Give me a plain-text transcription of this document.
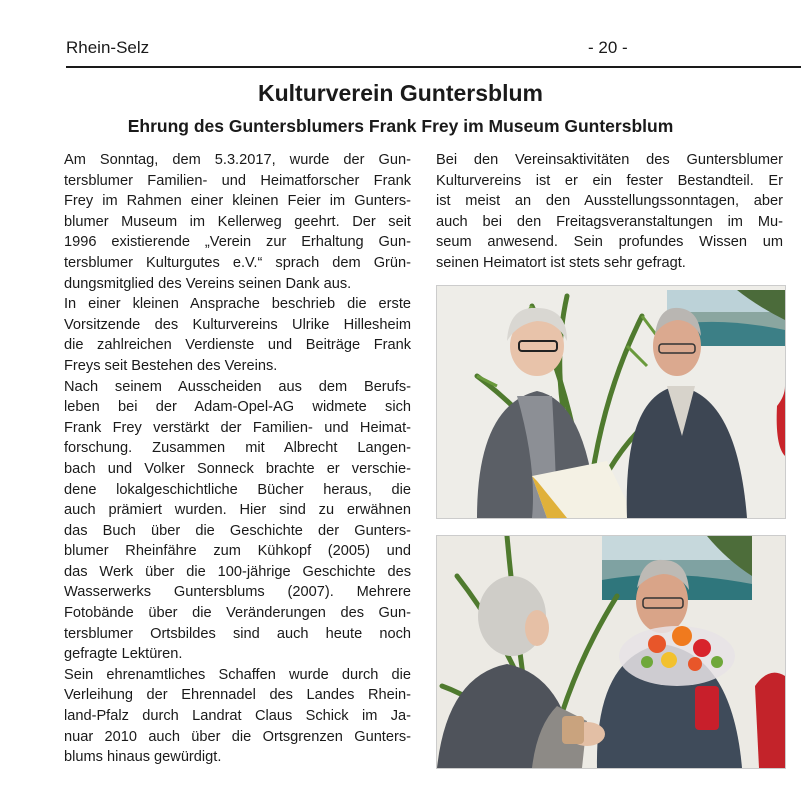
Rhein-Selz	- 20 -
Kulturverein Guntersblum
Ehrung des Guntersblumers Frank Frey im Museum Guntersblum
Am Sonntag, dem 5.3.2017, wurde der Gun-
tersblumer Familien- und Heimatforscher Frank
Frey im Rahmen einer kleinen Feier im Gunters-
blumer Museum im Kellerweg geehrt. Der seit
1996 existierende „Verein zur Erhaltung Gun-
tersblumer Kulturgutes e.V.“ sprach dem Grün-
dungsmitglied des Vereins seinen Dank aus.
In einer kleinen Ansprache beschrieb die erste
Vorsitzende des Kulturvereins Ulrike Hillesheim
die zahlreichen Verdienste und Beiträge Frank
Freys seit Bestehen des Vereins.
Nach seinem Ausscheiden aus dem Berufs-
leben bei der Adam-Opel-AG widmete sich
Frank Frey verstärkt der Familien- und Heimat-
forschung. Zusammen mit Albrecht Langen-
bach und Volker Sonneck brachte er verschie-
dene lokalgeschichtliche Bücher heraus, die
auch prämiert wurden. Hier sind zu erwähnen
das Buch über die Geschichte der Gunters-
blumer Rheinfähre zum Kühkopf (2005) und
das Werk über die 100-jährige Geschichte des
Wasserwerks Guntersblums (2007). Mehrere
Fotobände über die Veränderungen des Gun-
tersblumer Ortsbildes sind auch heute noch
gefragte Lektüren.
Sein ehrenamtliches Schaffen wurde durch die
Verleihung der Ehrennadel des Landes Rhein-
land-Pfalz durch Landrat Claus Schick im Ja-
nuar 2010 auch über die Ortsgrenzen Gunters-
blums hinaus gewürdigt.
Bei den Vereinsaktivitäten des Guntersblumer
Kulturvereins ist er ein fester Bestandteil. Er
ist meist an den Ausstellungssonntagen, aber
auch bei den Freitagsveranstaltungen im Mu-
seum anwesend. Sein profundes Wissen um
seinen Heimatort ist stets sehr gefragt.
